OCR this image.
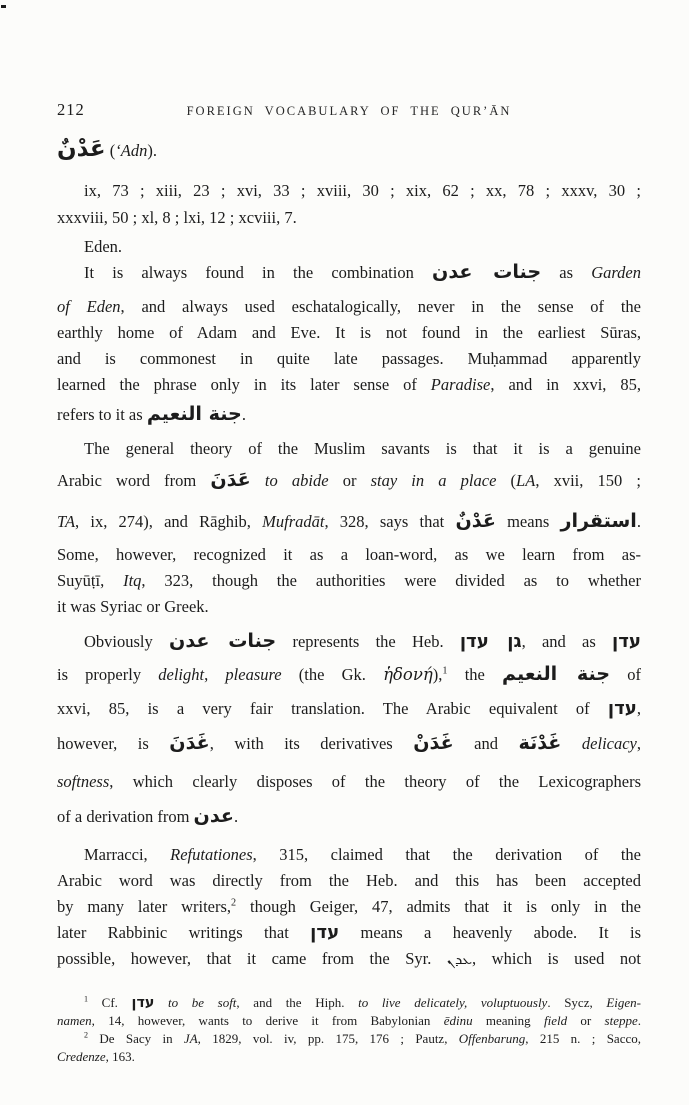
212	FOREIGN VOCABULARY OF THE QUR’ĀN
عَدْنٌ (‘Adn).
ix, 73 ; xiii, 23 ; xvi, 33 ; xviii, 30 ; xix, 62 ; xx, 78 ; xxxv, 30 ;
xxxviii, 50 ; xl, 8 ; lxi, 12 ; xcviii, 7.
Eden.
It is always found in the combination جنات عدن as Garden
of Eden, and always used eschatalogically, never in the sense of the
earthly home of Adam and Eve. It is not found in the earliest Sūras,
and is commonest in quite late passages. Muḥammad apparently
learned the phrase only in its later sense of Paradise, and in xxvi, 85,
refers to it as جنة النعيم.
The general theory of the Muslim savants is that it is a genuine
Arabic word from عَدَنَ to abide or stay in a place (LA, xvii, 150 ;
TA, ix, 274), and Rāghib, Mufradāt, 328, says that عَدْنٌ means استقرار.
Some, however, recognized it as a loan-word, as we learn from as-
Suyūṭī, Itq, 323, though the authorities were divided as to whether
it was Syriac or Greek.
Obviously جنات عدن represents the Heb. גן עדן, and as עדן
is properly delight, pleasure (the Gk. ἡδονή),$^1$ the جنة النعيم of
xxvi, 85, is a very fair translation. The Arabic equivalent of עדן,
however, is غَدَنَ, with its derivatives غَدَنْ and غَدْنَة delicacy,
softness, which clearly disposes of the theory of the Lexicographers
of a derivation from عدن.
Marracci, Refutationes, 315, claimed that the derivation of the
Arabic word was directly from the Heb. and this has been accepted
by many later writers,$^2$ though Geiger, 47, admits that it is only in the
later Rabbinic writings that עדן means a heavenly abode. It is
possible, however, that it came from the Syr. ܥܕܢ, which is used not
$^1$ Cf. עדן to be soft, and the Hiph. to live delicately, voluptuously. Sycz, Eigen-
namen, 14, however, wants to derive it from Babylonian ēdinu meaning field or steppe.
$^2$ De Sacy in JA, 1829, vol. iv, pp. 175, 176 ; Pautz, Offenbarung, 215 n. ; Sacco,
Credenze, 163.
